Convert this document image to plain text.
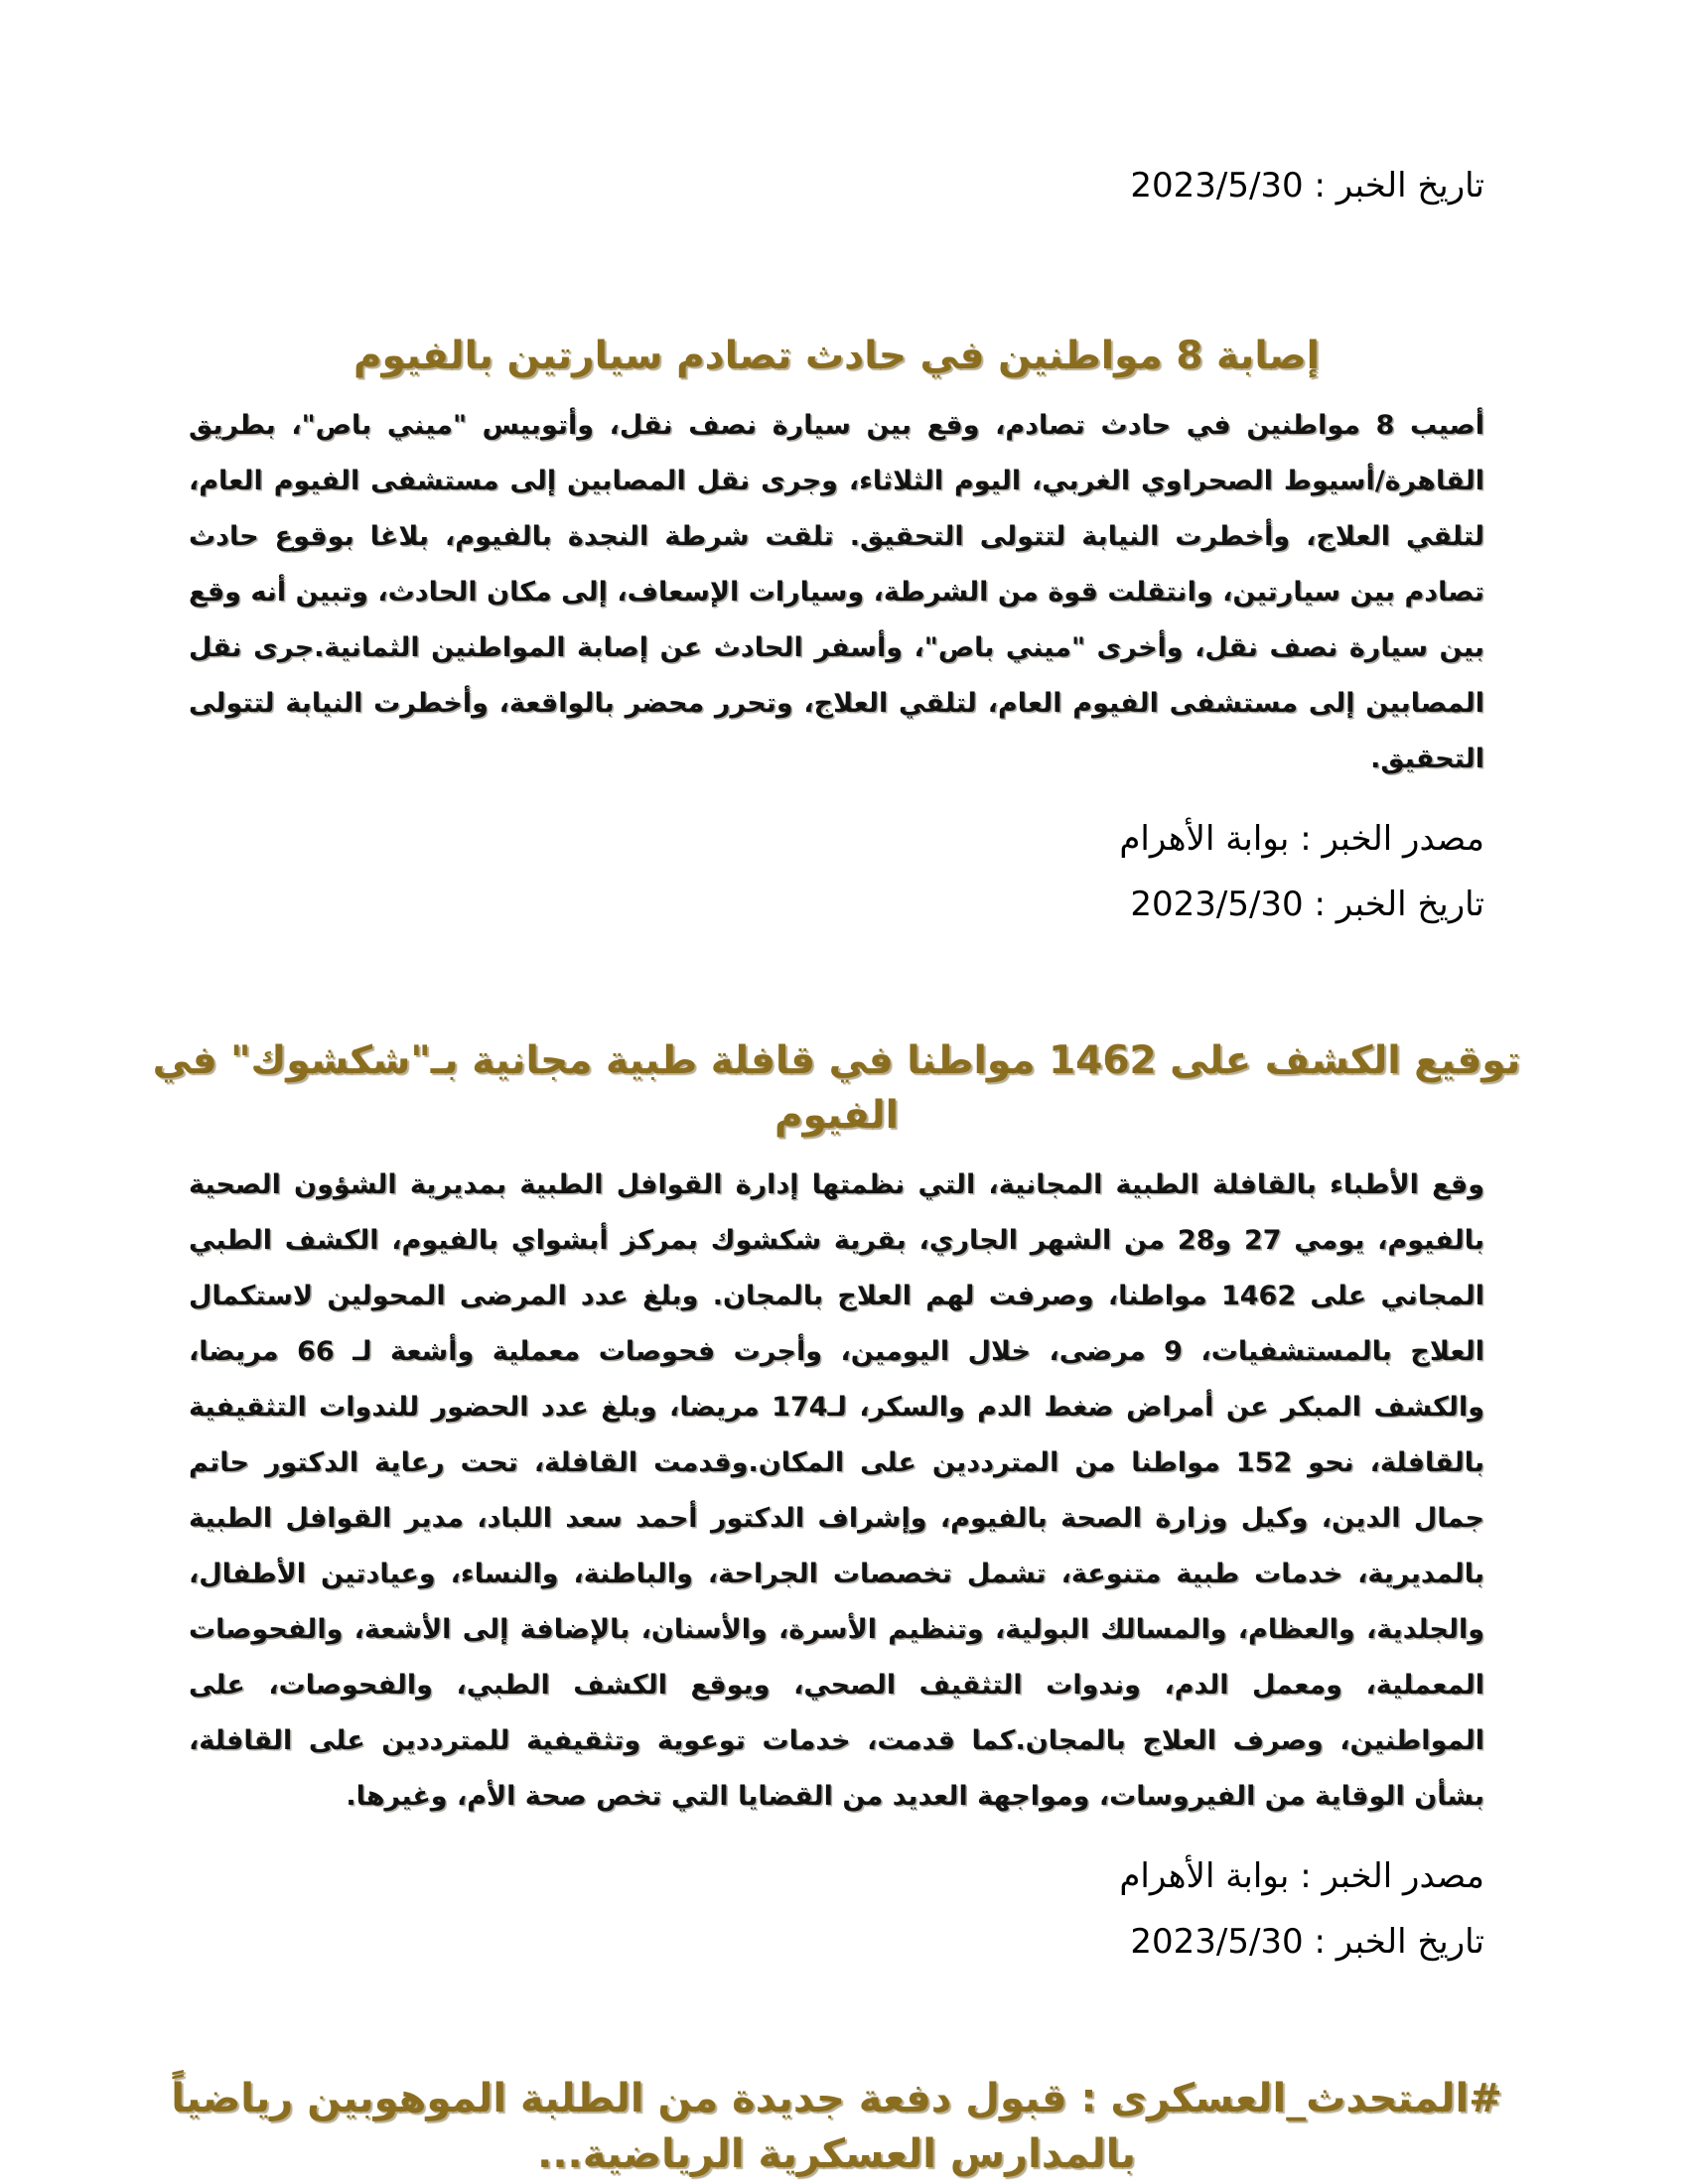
تاريخ الخبر : 2023/5/30
إصابة 8 مواطنين في حادث تصادم سيارتين بالفيوم

أصيب 8 مواطنين في حادث تصادم، وقع بين سيارة نصف نقل، وأتوبيس "ميني باص"، بطريق القاهرة/أسيوط الصحراوي الغربي، اليوم الثلاثاء، وجرى نقل المصابين إلى مستشفى الفيوم العام، لتلقي العلاج، وأخطرت النيابة لتتولى التحقيق. تلقت شرطة النجدة بالفيوم، بلاغا بوقوع حادث تصادم بين سيارتين، وانتقلت قوة من الشرطة، وسيارات الإسعاف، إلى مكان الحادث، وتبين أنه وقع بين سيارة نصف نقل، وأخرى "ميني باص"، وأسفر الحادث عن إصابة المواطنين الثمانية.جرى نقل المصابين إلى مستشفى الفيوم العام، لتلقي العلاج، وتحرر محضر بالواقعة، وأخطرت النيابة لتتولى التحقيق.

مصدر الخبر : بوابة الأهرام
تاريخ الخبر : 2023/5/30
توقيع الكشف على 1462 مواطنا في قافلة طبية مجانية بـ"شكشوك" في الفيوم

وقع الأطباء بالقافلة الطبية المجانية، التي نظمتها إدارة القوافل الطبية بمديرية الشؤون الصحية بالفيوم، يومي 27 و28 من الشهر الجاري، بقرية شكشوك بمركز أبشواي بالفيوم، الكشف الطبي المجاني على 1462 مواطنا، وصرفت لهم العلاج بالمجان. وبلغ عدد المرضى المحولين لاستكمال العلاج بالمستشفيات، 9 مرضى، خلال اليومين، وأجرت فحوصات معملية وأشعة لـ 66 مريضا، والكشف المبكر عن أمراض ضغط الدم والسكر، لـ174 مريضا، وبلغ عدد الحضور للندوات التثقيفية بالقافلة، نحو 152 مواطنا من المترددين على المكان.وقدمت القافلة، تحت رعاية الدكتور حاتم جمال الدين، وكيل وزارة الصحة بالفيوم، وإشراف الدكتور أحمد سعد اللباد، مدير القوافل الطبية بالمديرية، خدمات طبية متنوعة، تشمل تخصصات الجراحة، والباطنة، والنساء، وعيادتين الأطفال، والجلدية، والعظام، والمسالك البولية، وتنظيم الأسرة، والأسنان، بالإضافة إلى الأشعة، والفحوصات المعملية، ومعمل الدم، وندوات التثقيف الصحي، ويوقع الكشف الطبي، والفحوصات، على المواطنين، وصرف العلاج بالمجان.كما قدمت، خدمات توعوية وتثقيفية للمترددين على القافلة، بشأن الوقاية من الفيروسات، ومواجهة العديد من القضايا التي تخص صحة الأم، وغيرها.

مصدر الخبر : بوابة الأهرام
تاريخ الخبر : 2023/5/30
#المتحدث_العسكرى : قبول دفعة جديدة من الطلبة الموهوبين رياضياً بالمدارس العسكرية الرياضية...
